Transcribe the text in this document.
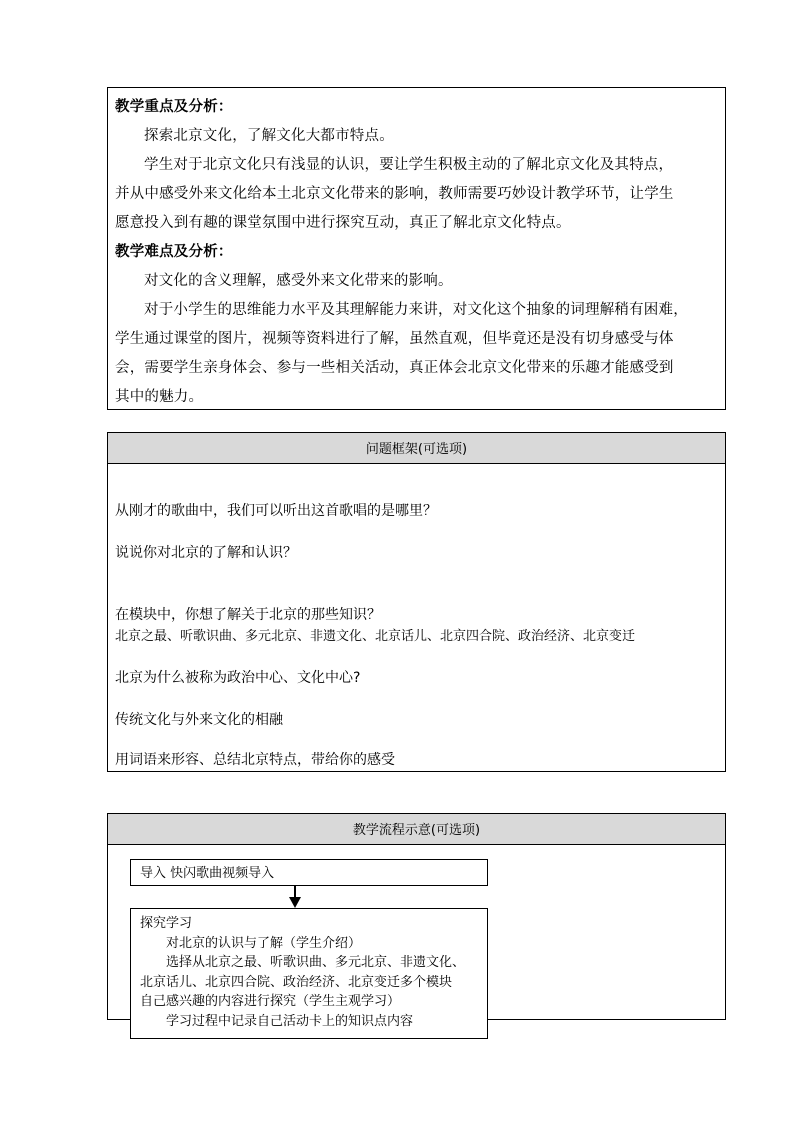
教学重点及分析：

探索北京文化，了解文化大都市特点。

学生对于北京文化只有浅显的认识，要让学生积极主动的了解北京文化及其特点，

并从中感受外来文化给本土北京文化带来的影响，教师需要巧妙设计教学环节，让学生

愿意投入到有趣的课堂氛围中进行探究互动，真正了解北京文化特点。

教学难点及分析：

对文化的含义理解，感受外来文化带来的影响。

对于小学生的思维能力水平及其理解能力来讲，对文化这个抽象的词理解稍有困难，

学生通过课堂的图片，视频等资料进行了解，虽然直观，但毕竟还是没有切身感受与体

会，需要学生亲身体会、参与一些相关活动，真正体会北京文化带来的乐趣才能感受到

其中的魅力。

问题框架(可选项)

从刚才的歌曲中，我们可以听出这首歌唱的是哪里？

说说你对北京的了解和认识？

在模块中，你想了解关于北京的那些知识？

北京之最、听歌识曲、多元北京、非遗文化、北京话儿、北京四合院、政治经济、北京变迁

北京为什么被称为政治中心、文化中心?

传统文化与外来文化的相融

用词语来形容、总结北京特点，带给你的感受

教学流程示意(可选项)
导入 快闪歌曲视频导入

探究学习

对北京的认识与了解（学生介绍）

选择从北京之最、听歌识曲、多元北京、非遗文化、

北京话儿、北京四合院、政治经济、北京变迁多个模块

自己感兴趣的内容进行探究（学生主观学习）

学习过程中记录自己活动卡上的知识点内容
